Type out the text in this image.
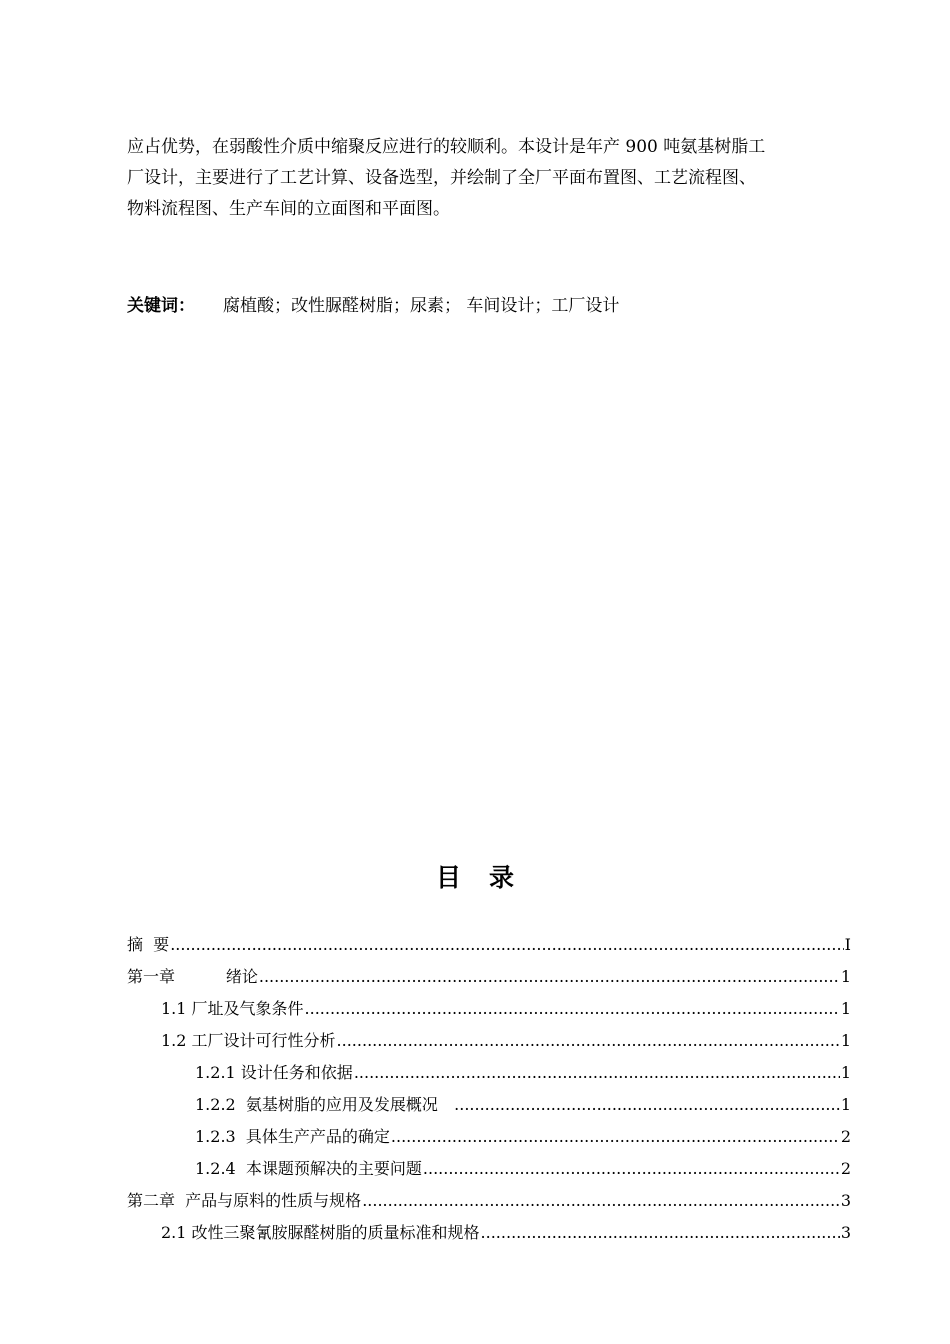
应占优势，在弱酸性介质中缩聚反应进行的较顺利。本设计是年产 900 吨氨基树脂工
厂设计，主要进行了工艺计算、设备选型，并绘制了全厂平面布置图、工艺流程图、
物料流程图、生产车间的立面图和平面图。
关键词： 腐植酸；改性脲醛树脂；尿素； 车间设计；工厂设计
目录
摘  要 .....	I
第一章          绪论 .....	1
1.1 厂址及气象条件 .....	1
1.2 工厂设计可行性分析 .....	1
1.2.1 设计任务和依据 .....	1
1.2.2  氨基树脂的应用及发展概况 .....	1
1.2.3  具体生产产品的确定 .....	2
1.2.4  本课题预解决的主要问题 .....	2
第二章  产品与原料的性质与规格 .....	3
2.1 改性三聚氰胺脲醛树脂的质量标准和规格 .....	3
